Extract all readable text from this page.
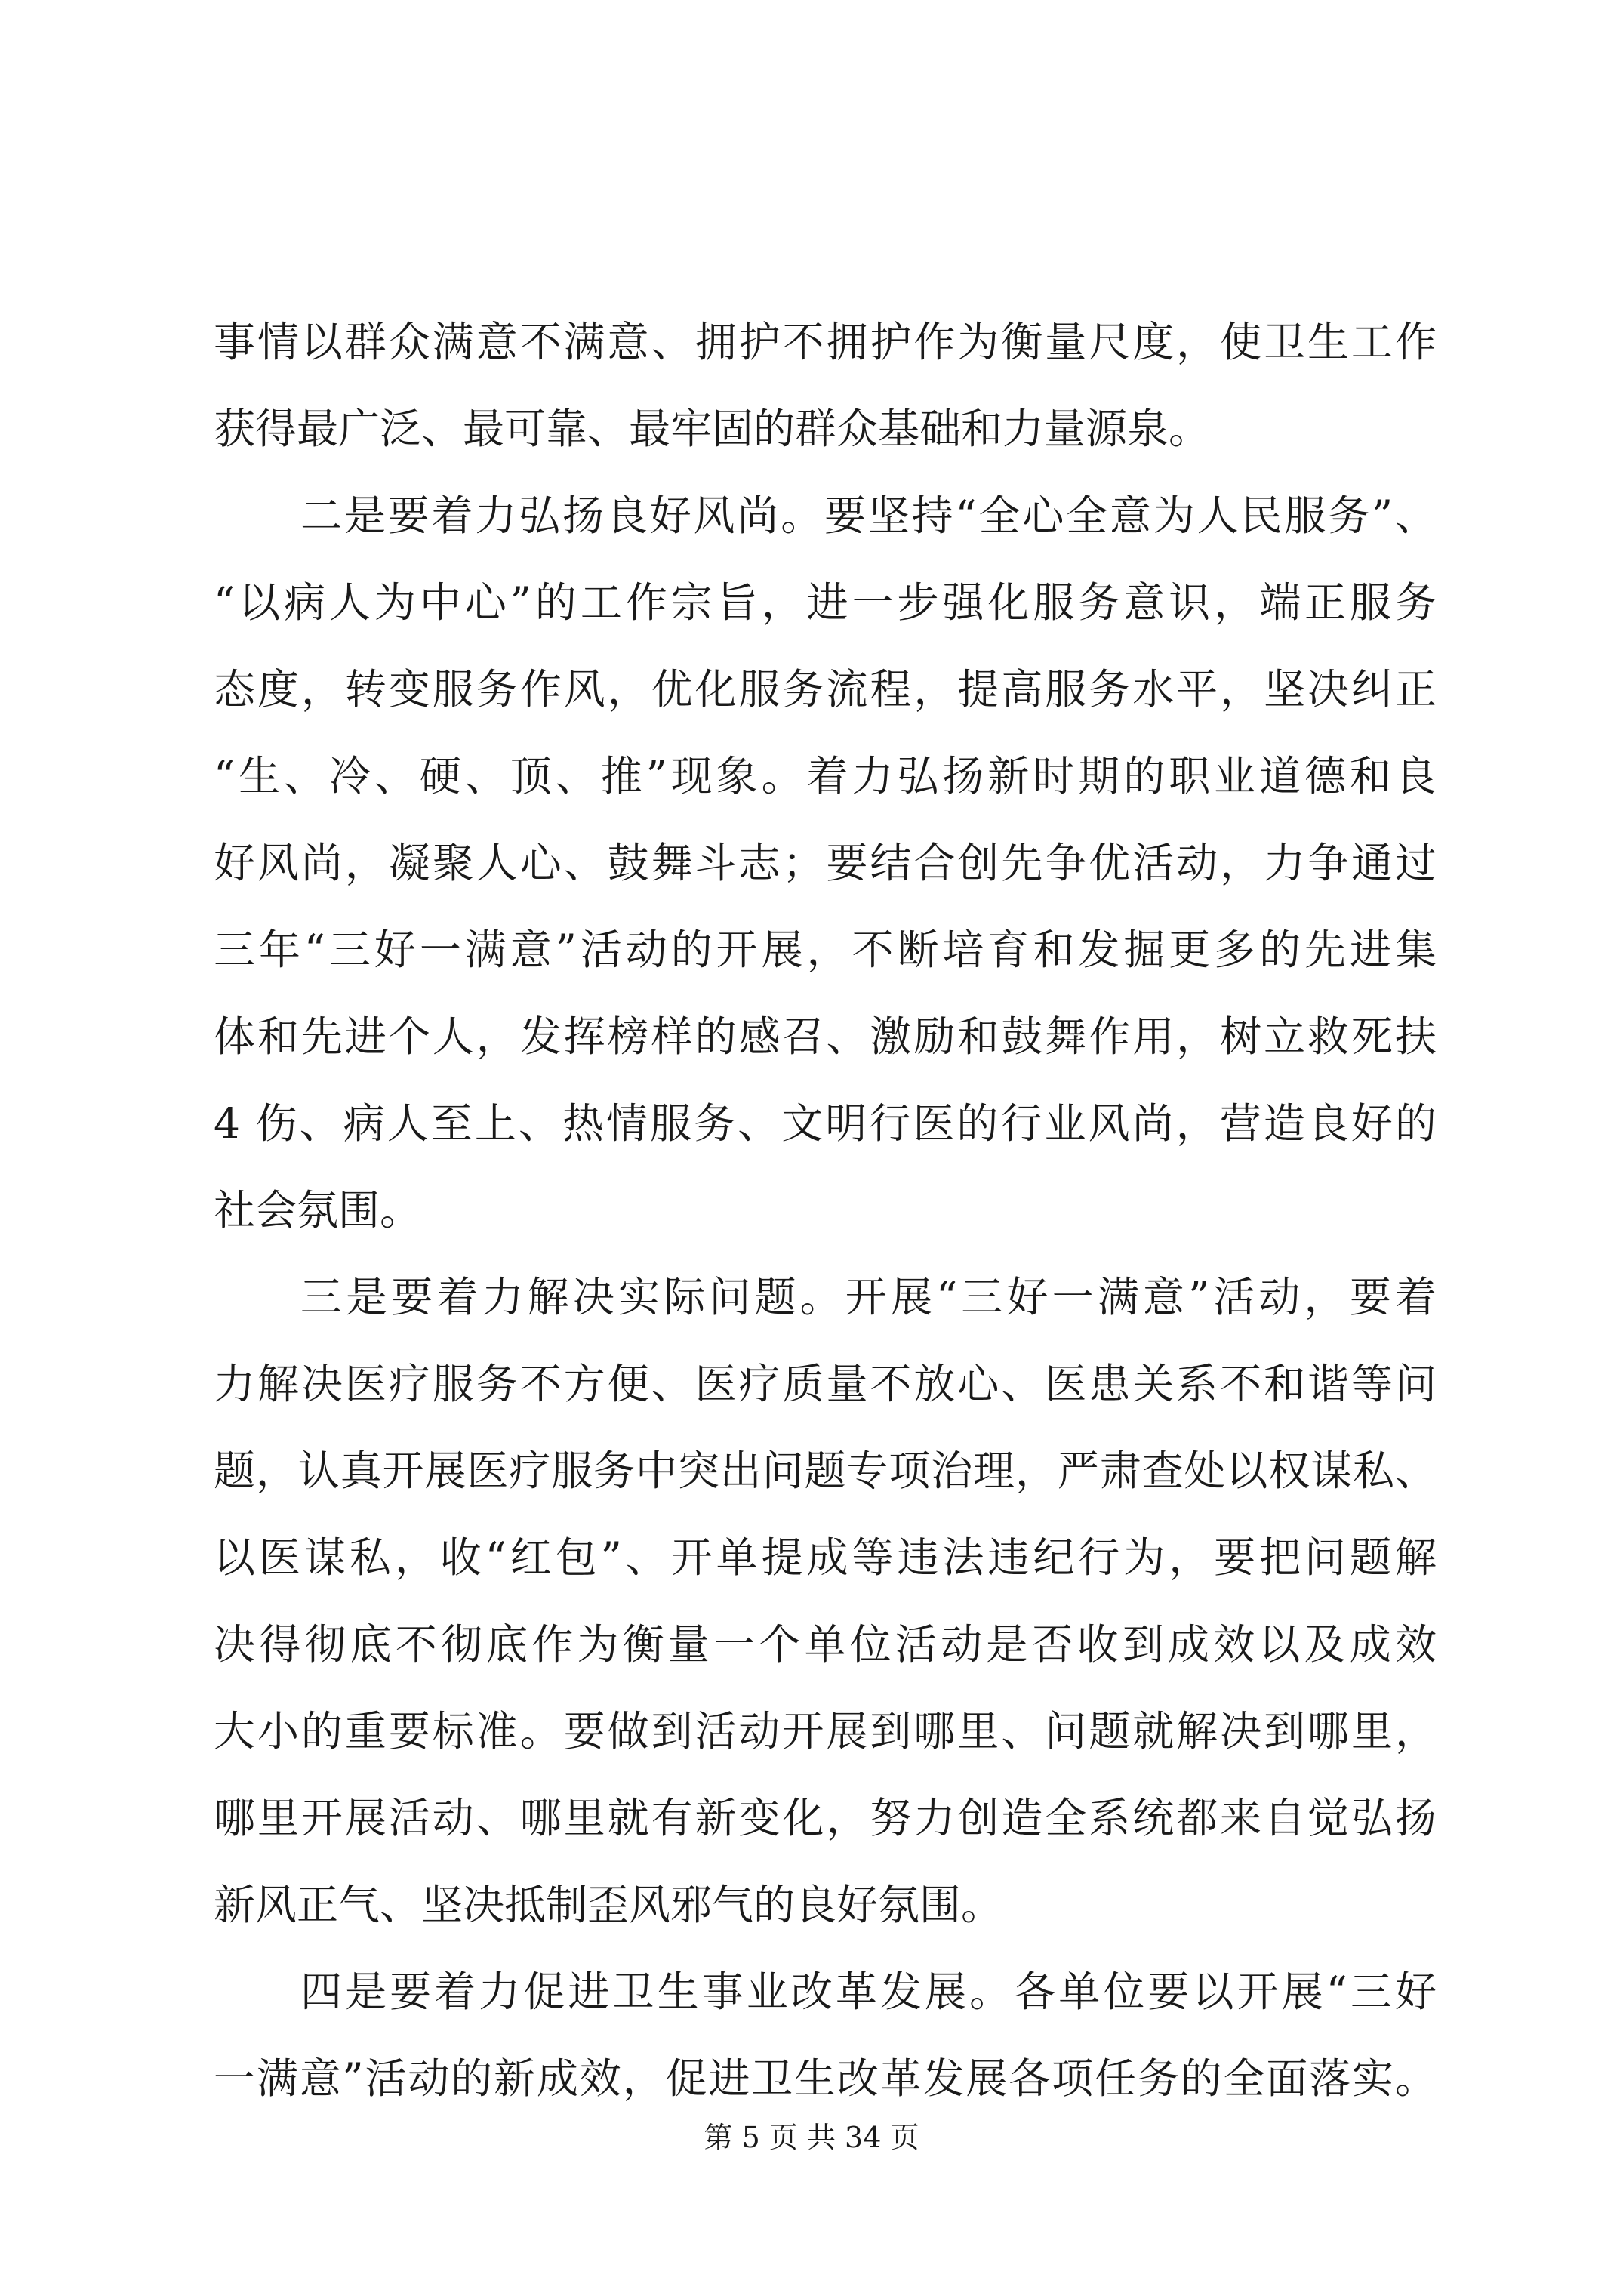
事情以群众满意不满意、拥护不拥护作为衡量尺度，使卫生工作
获得最广泛、最可靠、最牢固的群众基础和力量源泉。
二是要着力弘扬良好风尚。要坚持“全心全意为人民服务”、
“以病人为中心”的工作宗旨，进一步强化服务意识，端正服务
态度，转变服务作风，优化服务流程，提高服务水平，坚决纠正
“生、冷、硬、顶、推”现象。着力弘扬新时期的职业道德和良
好风尚，凝聚人心、鼓舞斗志；要结合创先争优活动，力争通过
三年“三好一满意”活动的开展，不断培育和发掘更多的先进集
体和先进个人，发挥榜样的感召、激励和鼓舞作用，树立救死扶
4 伤、病人至上、热情服务、文明行医的行业风尚，营造良好的
社会氛围。
三是要着力解决实际问题。开展“三好一满意”活动，要着
力解决医疗服务不方便、医疗质量不放心、医患关系不和谐等问
题，认真开展医疗服务中突出问题专项治理，严肃查处以权谋私、
以医谋私，收“红包”、开单提成等违法违纪行为，要把问题解
决得彻底不彻底作为衡量一个单位活动是否收到成效以及成效
大小的重要标准。要做到活动开展到哪里、问题就解决到哪里，
哪里开展活动、哪里就有新变化，努力创造全系统都来自觉弘扬
新风正气、坚决抵制歪风邪气的良好氛围。
四是要着力促进卫生事业改革发展。各单位要以开展“三好
一满意”活动的新成效，促进卫生改革发展各项任务的全面落实。
第 5 页 共 34 页
